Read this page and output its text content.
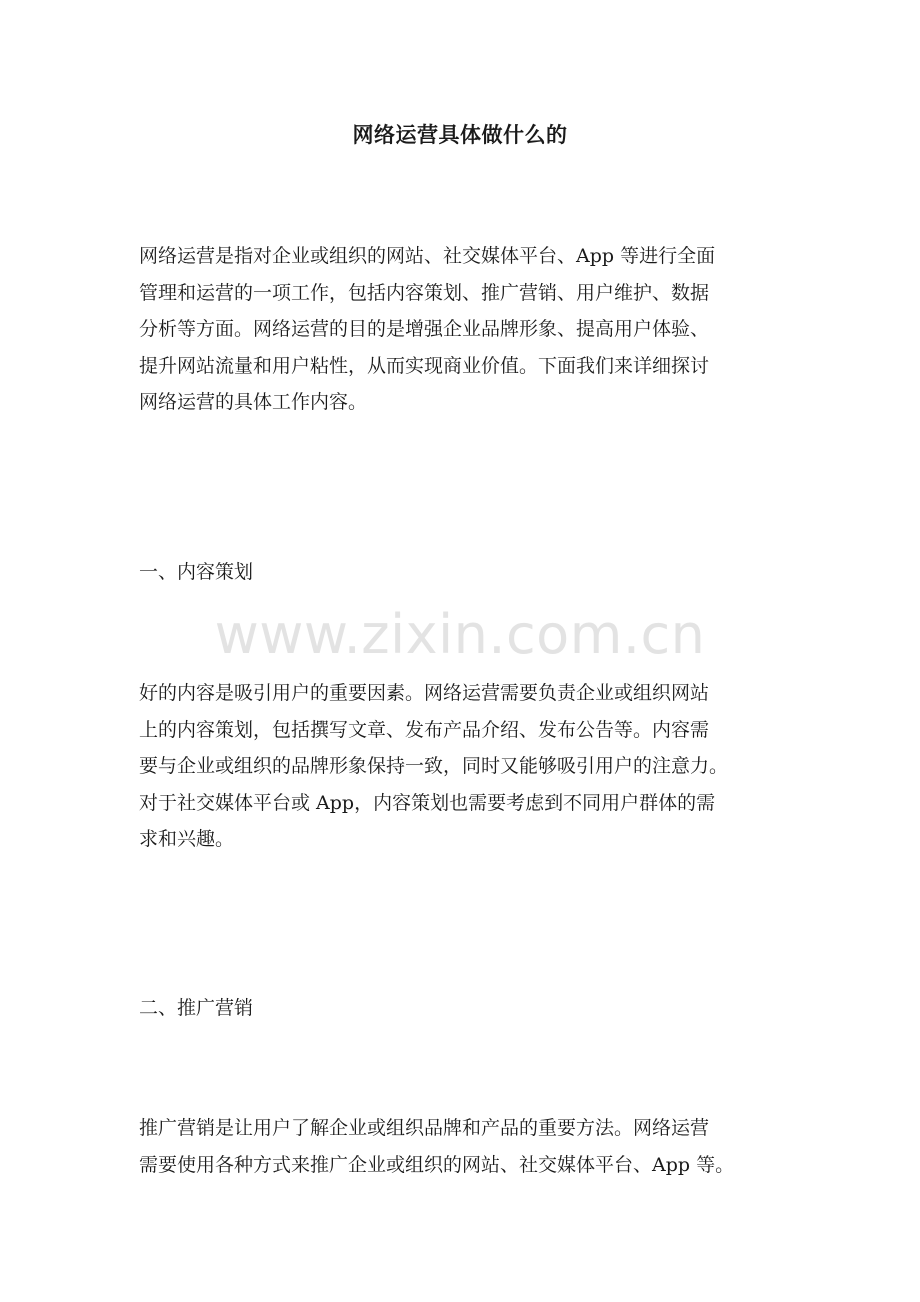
网络运营具体做什么的
网络运营是指对企业或组织的网站、社交媒体平台、App 等进行全面
管理和运营的一项工作，包括内容策划、推广营销、用户维护、数据
分析等方面。网络运营的目的是增强企业品牌形象、提高用户体验、
提升网站流量和用户粘性，从而实现商业价值。下面我们来详细探讨
网络运营的具体工作内容。
一、内容策划
www.zixin.com.cn
好的内容是吸引用户的重要因素。网络运营需要负责企业或组织网站
上的内容策划，包括撰写文章、发布产品介绍、发布公告等。内容需
要与企业或组织的品牌形象保持一致，同时又能够吸引用户的注意力。
对于社交媒体平台或 App，内容策划也需要考虑到不同用户群体的需
求和兴趣。
二、推广营销
推广营销是让用户了解企业或组织品牌和产品的重要方法。网络运营
需要使用各种方式来推广企业或组织的网站、社交媒体平台、App 等。
